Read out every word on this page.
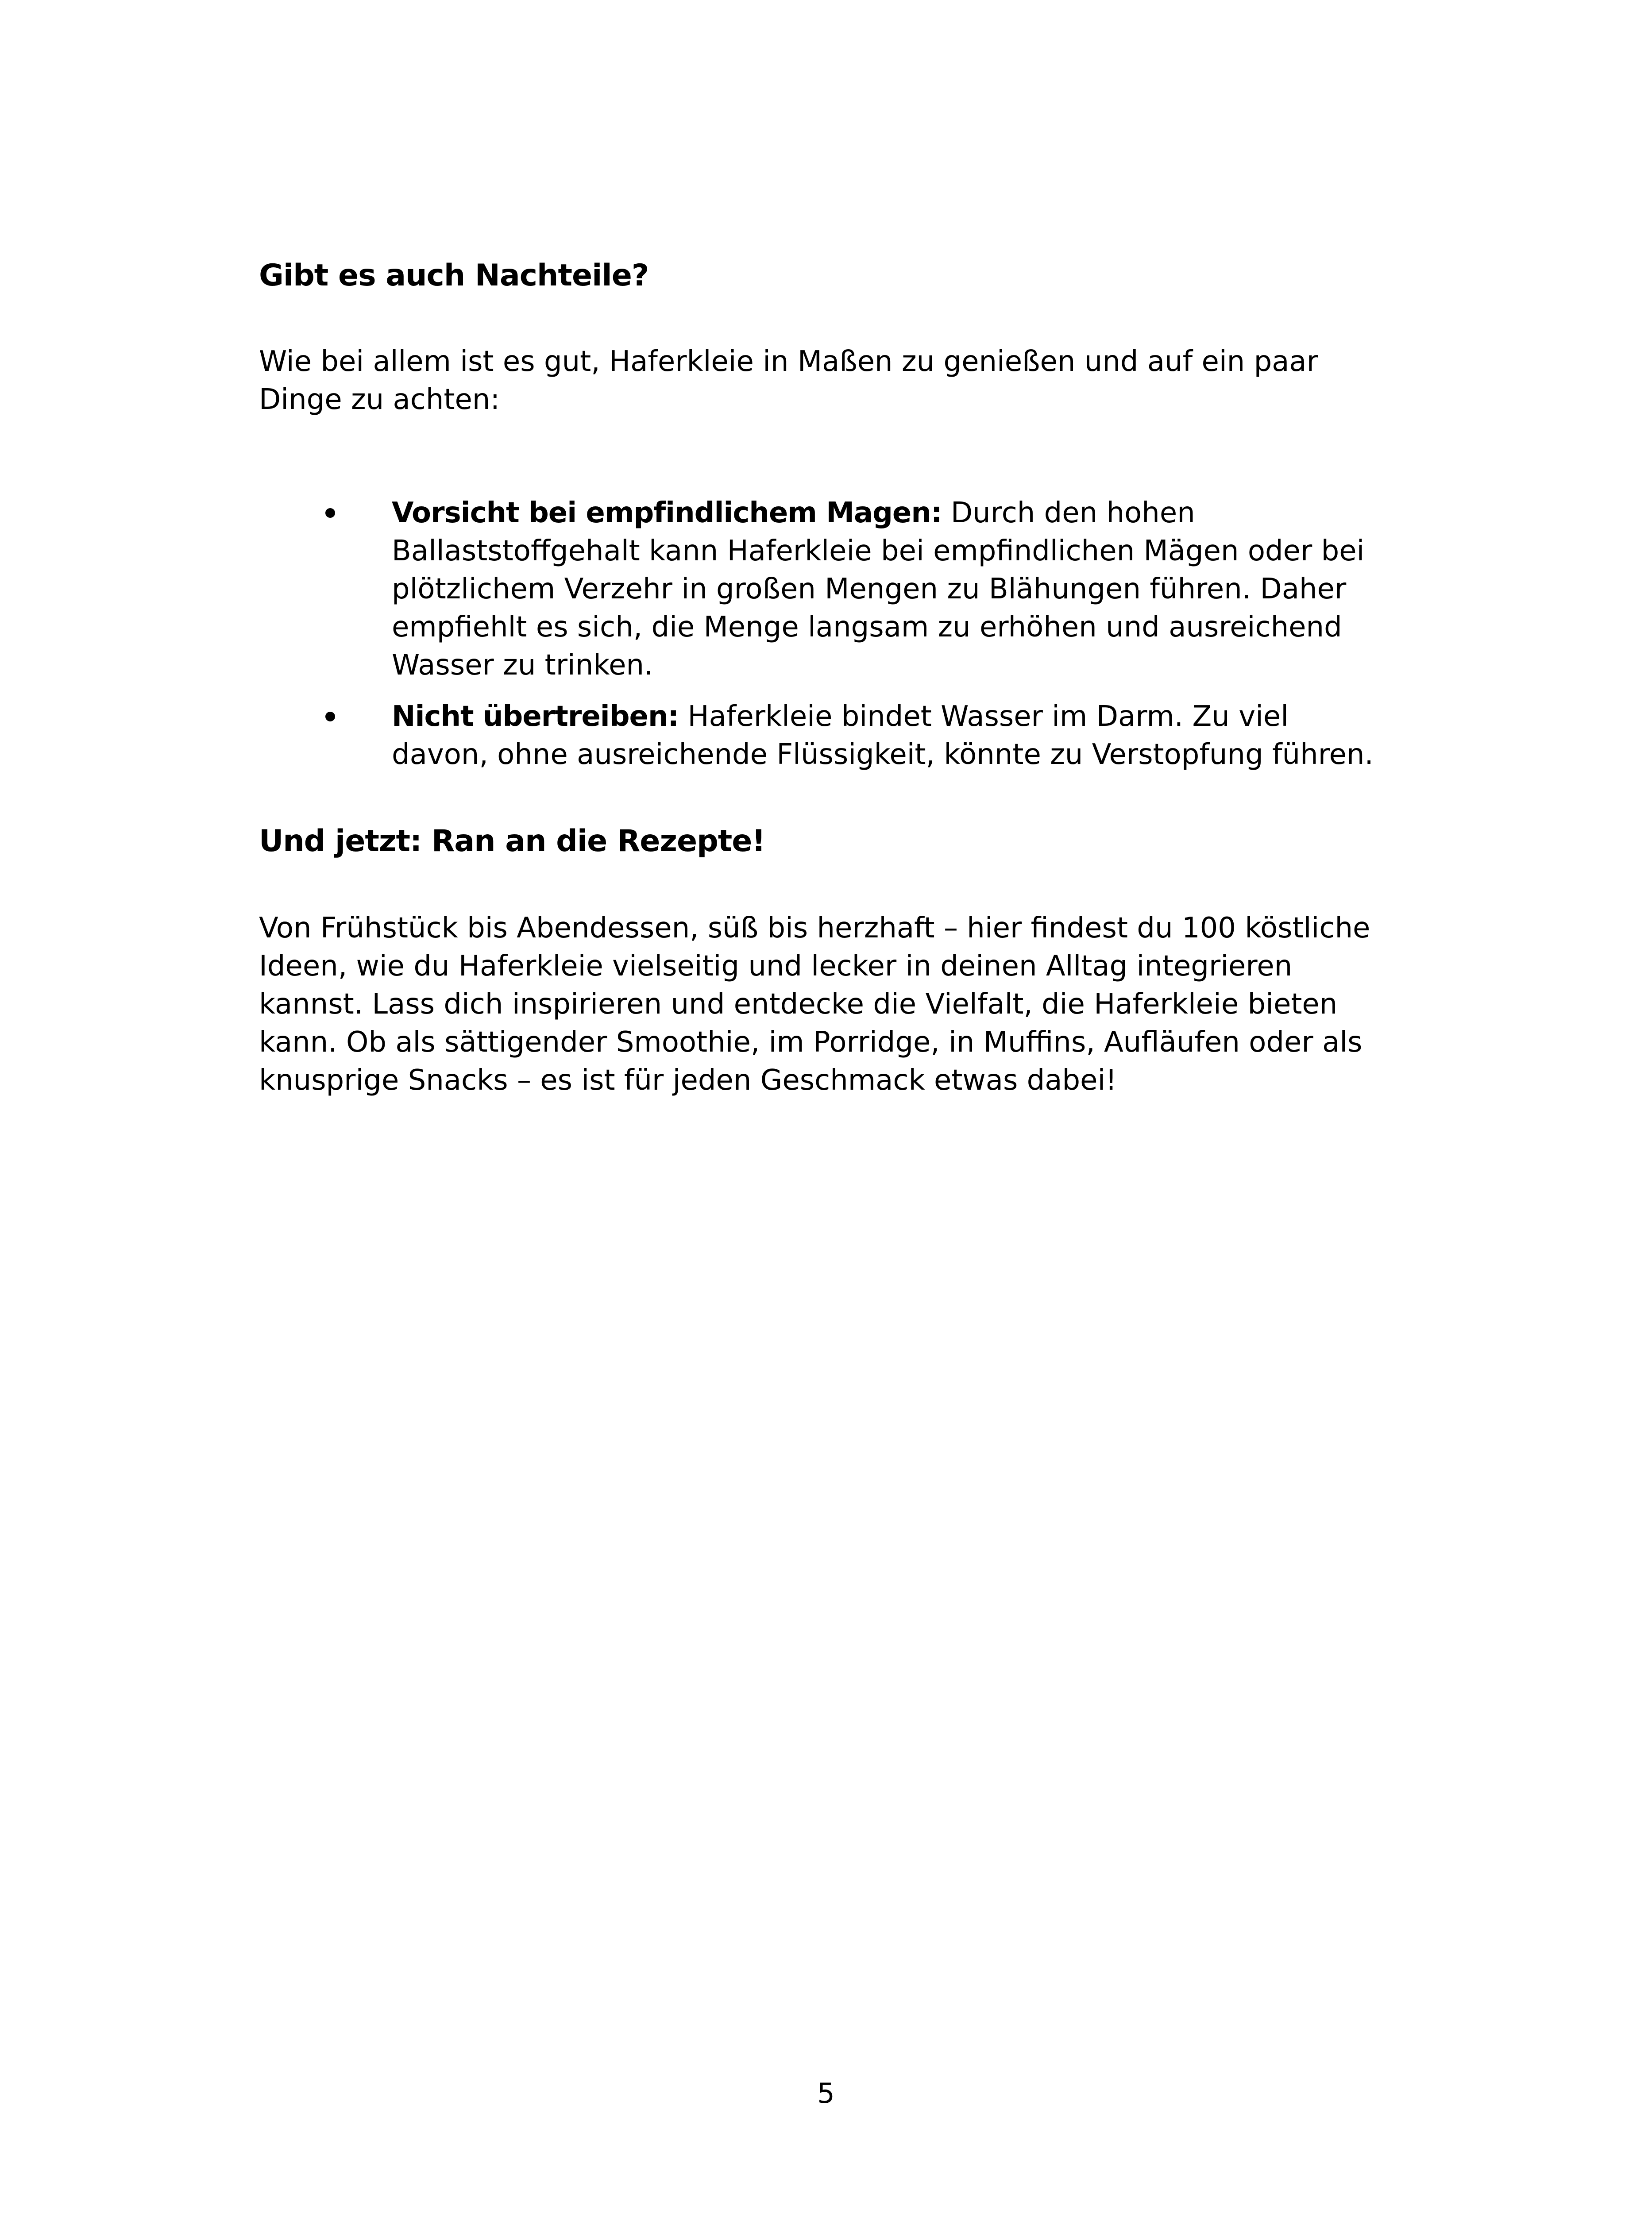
Gibt es auch Nachteile?

Wie bei allem ist es gut, Haferkleie in Maßen zu genießen und auf ein paar Dinge zu achten:

Vorsicht bei empfindlichem Magen: Durch den hohen Ballaststoffgehalt kann Haferkleie bei empfindlichen Mägen oder bei plötzlichem Verzehr in großen Mengen zu Blähungen führen. Daher empfiehlt es sich, die Menge langsam zu erhöhen und ausreichend Wasser zu trinken.
Nicht übertreiben: Haferkleie bindet Wasser im Darm. Zu viel davon, ohne ausreichende Flüssigkeit, könnte zu Verstopfung führen.
Und jetzt: Ran an die Rezepte!

Von Frühstück bis Abendessen, süß bis herzhaft – hier findest du 100 köstliche Ideen, wie du Haferkleie vielseitig und lecker in deinen Alltag integrieren kannst. Lass dich inspirieren und entdecke die Vielfalt, die Haferkleie bieten kann. Ob als sättigender Smoothie, im Porridge, in Muffins, Aufläufen oder als knusprige Snacks – es ist für jeden Geschmack etwas dabei!

5
